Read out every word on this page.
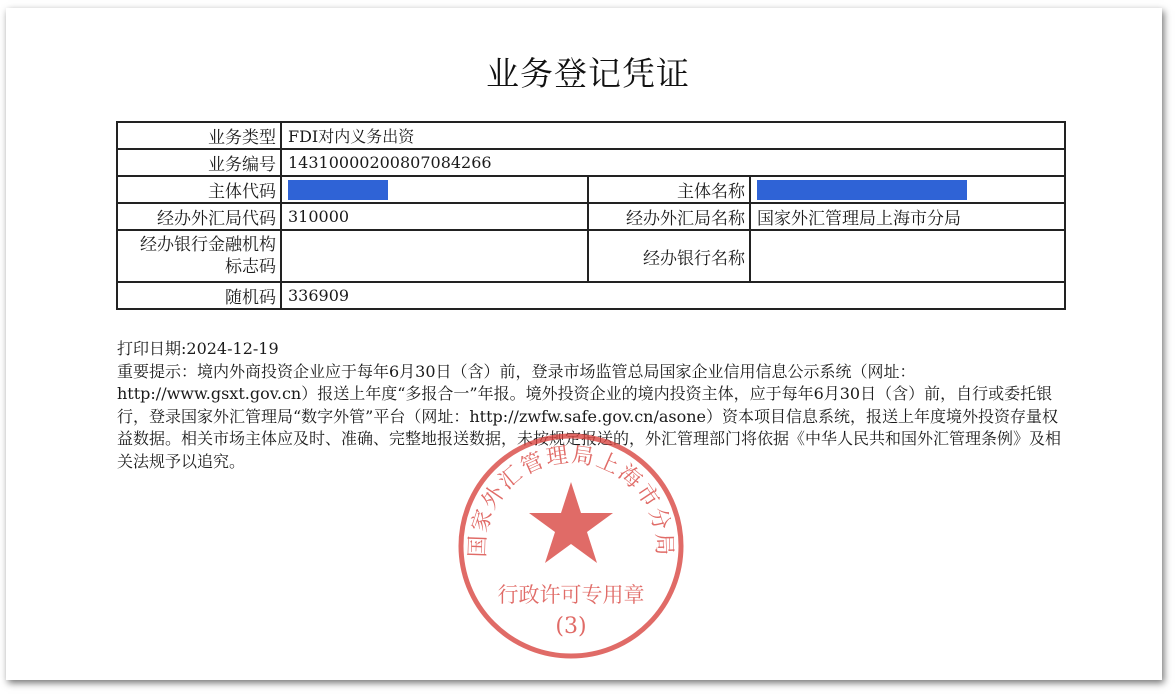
业务登记凭证
业务类型	FDI对内义务出资		
业务编号	14310000200807084266		
主体代码		主体名称	
经办外汇局代码	310000	经办外汇局名称	国家外汇管理局上海市分局
经办银行金融机构标志码		经办银行名称	
随机码	336909		

打印日期:2024-12-19

重要提示：境内外商投资企业应于每年6月30日（含）前，登录市场监管总局国家企业信用信息公示系统（网址：http://www.gsxt.gov.cn）报送上年度“多报合一”年报。境外投资企业的境内投资主体，应于每年6月30日（含）前，自行或委托银行，登录国家外汇管理局“数字外管”平台（网址：http://zwfw.safe.gov.cn/asone）资本项目信息系统，报送上年度境外投资存量权益数据。相关市场主体应及时、准确、完整地报送数据，未按规定报送的，外汇管理部门将依据《中华人民共和国外汇管理条例》及相关法规予以追究。

国家外汇管理局上海市分局
行政许可专用章
(3)
